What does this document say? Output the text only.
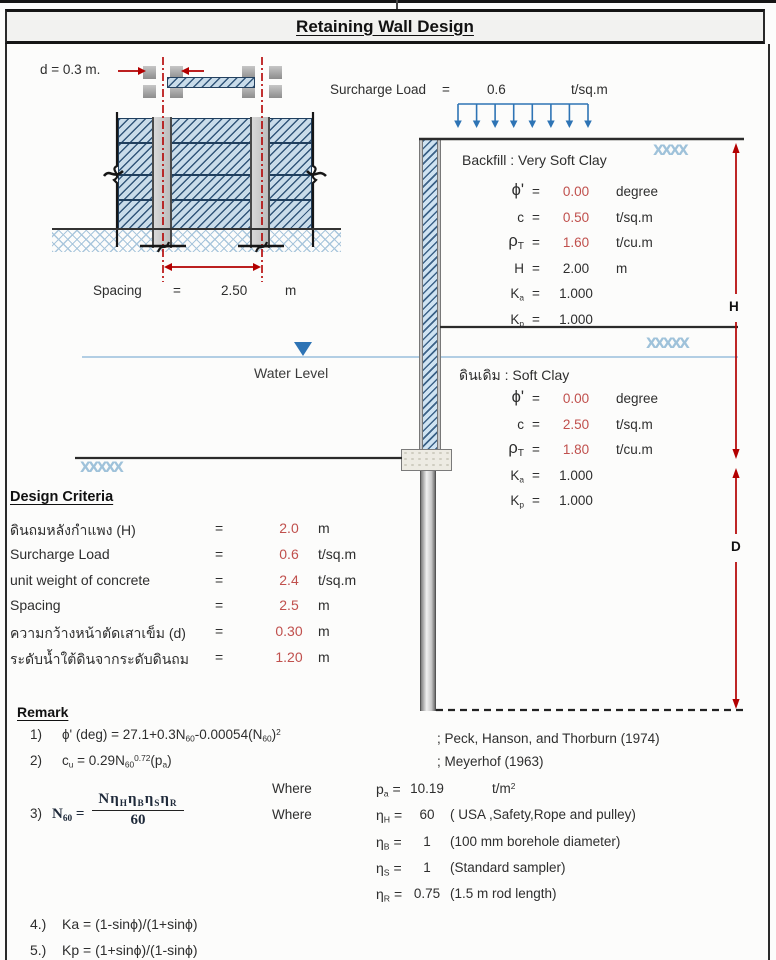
Retaining Wall Design
XXXX
XXXXX
XXXXX
d = 0.3 m.
Surcharge Load =	0.6	t/sq.m
Spacing =	2.50	m
Backfill : Very Soft Clay
ϕ' =	0.00	degree
c =	0.50	t/sq.m
$\rho_T$ =	1.60	t/cu.m
H =	2.00	m
$K_a$ =	1.000
$K_p$ =	1.000
Water Level	ดินเดิม : Soft Clay
ϕ' =	0.00	degree
c =	2.50	t/sq.m
$\rho_T$ =	1.80	t/cu.m
$K_a$ =	1.000
$K_p$ =	1.000
H
D
Design Criteria
ดินถมหลังกำแพง (H)	=	2.0	m
Surcharge Load	=	0.6	t/sq.m
unit weight of concrete	=	2.4	t/sq.m
Spacing	=	2.5	m
ความกว้างหน้าตัดเสาเข็ม (d) =	0.30	m
ระดับน้ำใต้ดินจากระดับดินถม =	1.20	m
Remark
1) ϕ' $(deg) = 27.1+0.3N_{60}-0.00054(N_{60})^2$
2) $c_u = 0.29N_{60}^{0.72}(p_a)$
3) $N_{60}$ =
$N\eta_H\eta_B\eta_S\eta_R$
60
; Peck, Hanson, and Thorburn (1974)
; Meyerhof (1963)
Where	$p_a = 10.19$	$t/m^2$
Where	$\eta_H$ =	60	( USA ,Safety,Rope and pulley)
$\eta_B$ =	1	(100 mm borehole diameter)
$\eta_S$ =	1	(Standard sampler)
$\eta_R = 0.75$ (1.5 m rod length)
4.) Ka = (1-sinϕ)/(1+sinϕ)
5.) Kp = (1+sinϕ)/(1-sinϕ)
